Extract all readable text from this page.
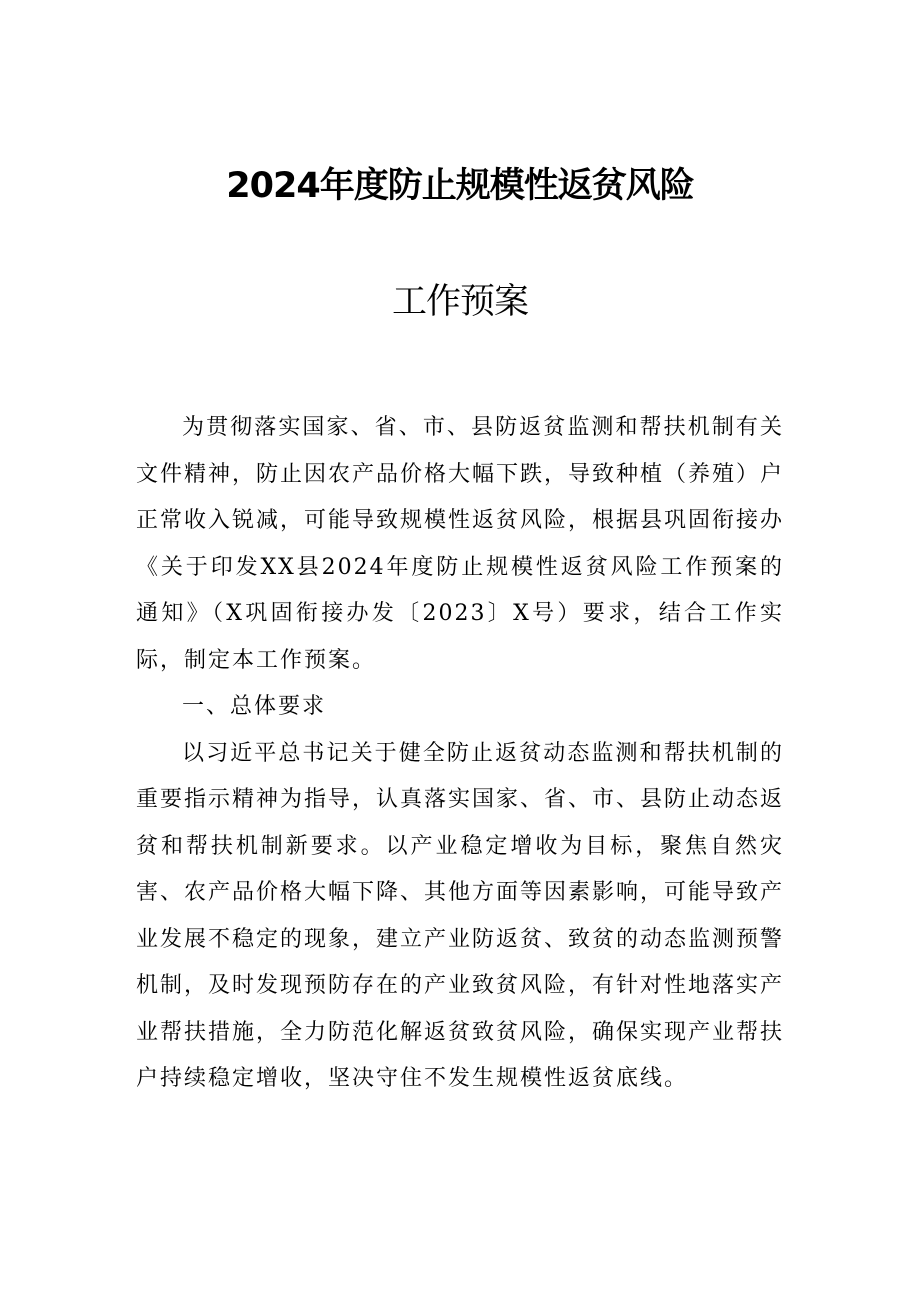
2024年度防止规模性返贫风险
工作预案

为贯彻落实国家、省、市、县防返贫监测和帮扶机制有关文件精神，防止因农产品价格大幅下跌，导致种植（养殖）户正常收入锐减，可能导致规模性返贫风险，根据县巩固衔接办《关于印发XX县2024年度防止规模性返贫风险工作预案的通知》（X巩固衔接办发〔2023〕X号）要求，结合工作实际，制定本工作预案。

一、总体要求

以习近平总书记关于健全防止返贫动态监测和帮扶机制的重要指示精神为指导，认真落实国家、省、市、县防止动态返贫和帮扶机制新要求。以产业稳定增收为目标，聚焦自然灾害、农产品价格大幅下降、其他方面等因素影响，可能导致产业发展不稳定的现象，建立产业防返贫、致贫的动态监测预警机制，及时发现预防存在的产业致贫风险，有针对性地落实产业帮扶措施，全力防范化解返贫致贫风险，确保实现产业帮扶户持续稳定增收，坚决守住不发生规模性返贫底线。
